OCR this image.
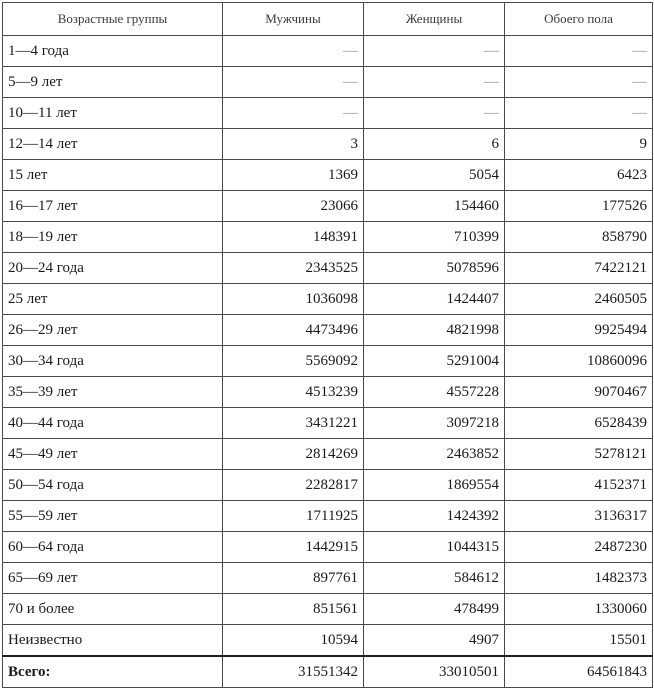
Возрастные группы	Мужчины	Женщины	Обоего пола
1—4 года	—	—	—
5—9 лет	—	—	—
10—11 лет	—	—	—
12—14 лет	3	6	9
15 лет	1369	5054	6423
16—17 лет	23066	154460	177526
18—19 лет	148391	710399	858790
20—24 года	2343525	5078596	7422121
25 лет	1036098	1424407	2460505
26—29 лет	4473496	4821998	9925494
30—34 года	5569092	5291004	10860096
35—39 лет	4513239	4557228	9070467
40—44 года	3431221	3097218	6528439
45—49 лет	2814269	2463852	5278121
50—54 года	2282817	1869554	4152371
55—59 лет	1711925	1424392	3136317
60—64 года	1442915	1044315	2487230
65—69 лет	897761	584612	1482373
70 и более	851561	478499	1330060
Неизвестно	10594	4907	15501
Всего:	31551342	33010501	64561843
